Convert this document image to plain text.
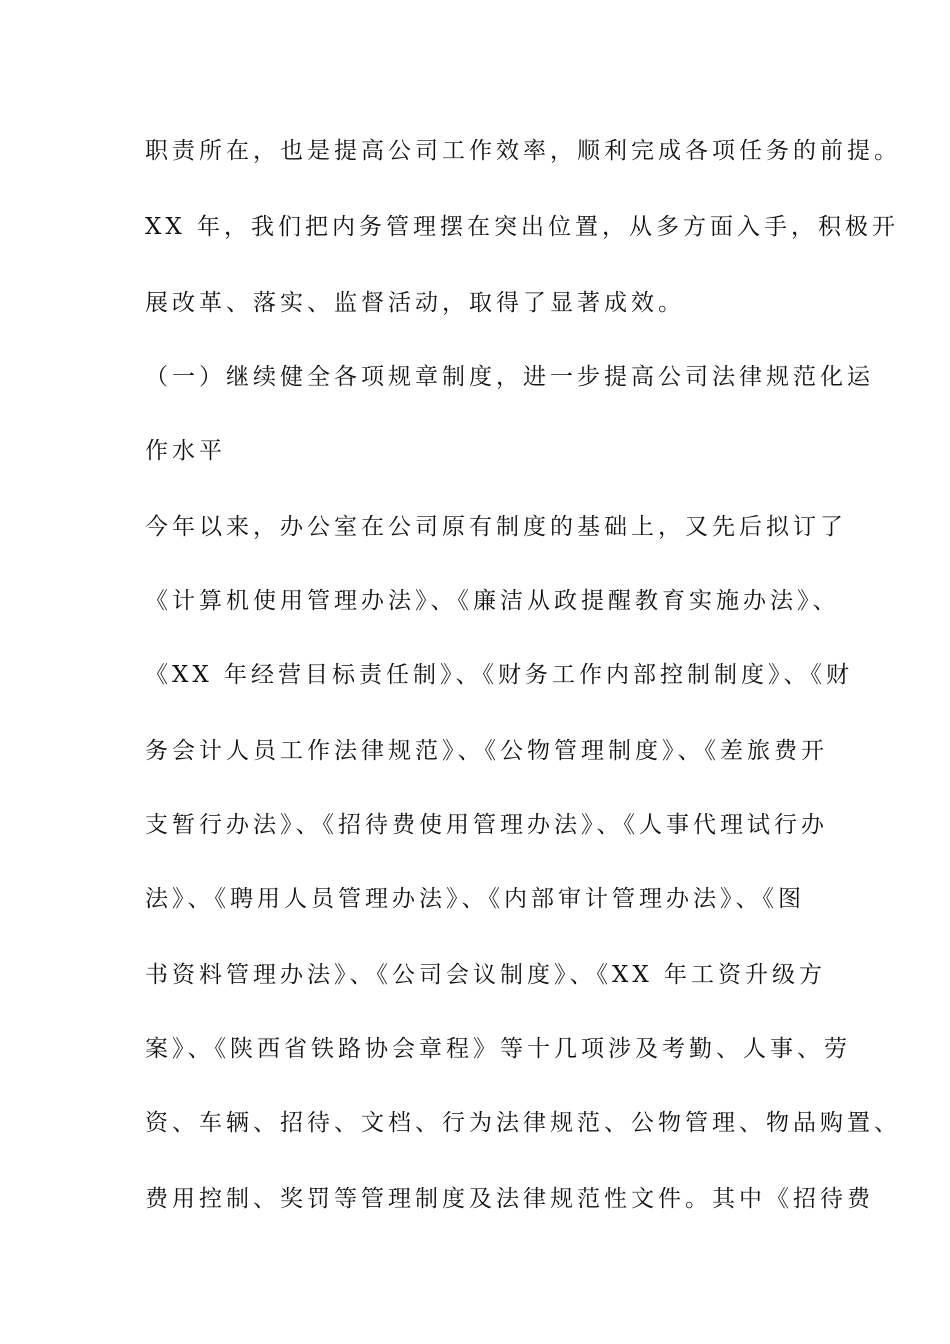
职责所在，也是提高公司工作效率，顺利完成各项任务的前提。
XX 年，我们把内务管理摆在突出位置，从多方面入手，积极开
展改革、落实、监督活动，取得了显著成效。
（一）继续健全各项规章制度，进一步提高公司法律规范化运
作水平
今年以来，办公室在公司原有制度的基础上，又先后拟订了
《计算机使用管理办法》、《廉洁从政提醒教育实施办法》、
《XX 年经营目标责任制》、《财务工作内部控制制度》、《财
务会计人员工作法律规范》、《公物管理制度》、《差旅费开
支暂行办法》、《招待费使用管理办法》、《人事代理试行办
法》、《聘用人员管理办法》、《内部审计管理办法》、《图
书资料管理办法》、《公司会议制度》、《XX 年工资升级方
案》、《陕西省铁路协会章程》等十几项涉及考勤、人事、劳
资、车辆、招待、文档、行为法律规范、公物管理、物品购置、
费用控制、奖罚等管理制度及法律规范性文件。其中《招待费
